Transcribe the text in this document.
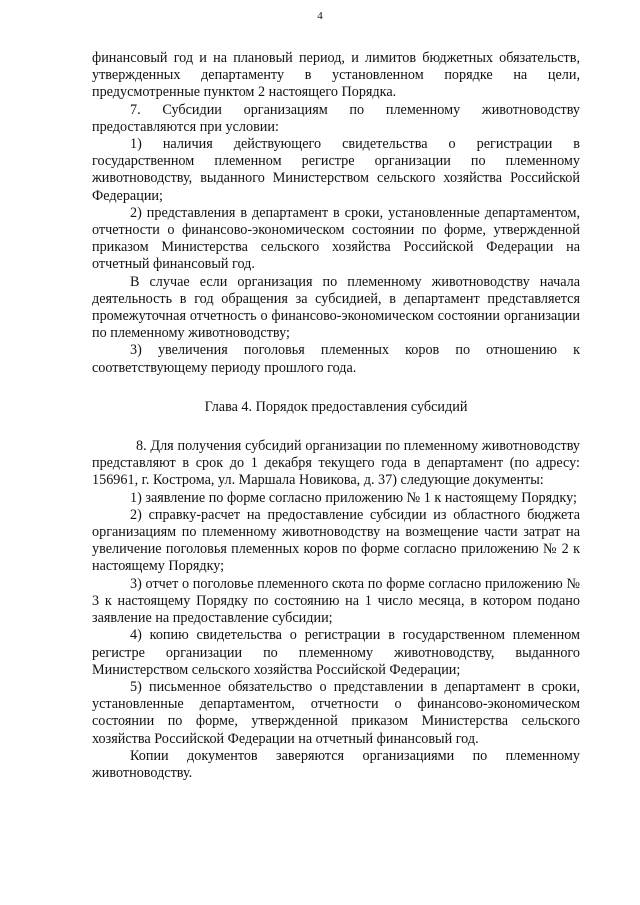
4

финансовый год и на плановый период, и лимитов бюджетных обязательств, утвержденных департаменту в установленном порядке на цели, предусмотренные пунктом 2 настоящего Порядка.

7. Субсидии организациям по племенному животноводству предоставляются при условии:

1) наличия действующего свидетельства о регистрации в государственном племенном регистре организации по племенному животноводству, выданного Министерством сельского хозяйства Российской Федерации;

2) представления в департамент в сроки, установленные департаментом, отчетности о финансово-экономическом состоянии по форме, утвержденной приказом Министерства сельского хозяйства Российской Федерации на отчетный финансовый год.

В случае если организация по племенному животноводству начала деятельность в год обращения за субсидией, в департамент представляется промежуточная отчетность о финансово-экономическом состоянии организации по племенному животноводству;

3) увеличения поголовья племенных коров по отношению к соответствующему периоду прошлого года.

Глава 4. Порядок предоставления субсидий

8. Для получения субсидий организации по племенному животноводству представляют в срок до 1 декабря текущего года в департамент (по адресу: 156961, г. Кострома, ул. Маршала Новикова, д. 37) следующие документы:

1) заявление по форме согласно приложению № 1 к настоящему Порядку;

2) справку-расчет на предоставление субсидии из областного бюджета организациям по племенному животноводству на возмещение части затрат на увеличение поголовья племенных коров по форме согласно приложению № 2 к настоящему Порядку;

3) отчет о поголовье племенного скота по форме согласно приложению № 3 к настоящему Порядку по состоянию на 1 число месяца, в котором подано заявление на предоставление субсидии;

4) копию свидетельства о регистрации в государственном племенном регистре организации по племенному животноводству, выданного Министерством сельского хозяйства Российской Федерации;

5) письменное обязательство о представлении в департамент в сроки, установленные департаментом, отчетности о финансово-экономическом состоянии по форме, утвержденной приказом Министерства сельского хозяйства Российской Федерации на отчетный финансовый год.

Копии документов заверяются организациями по племенному животноводству.
